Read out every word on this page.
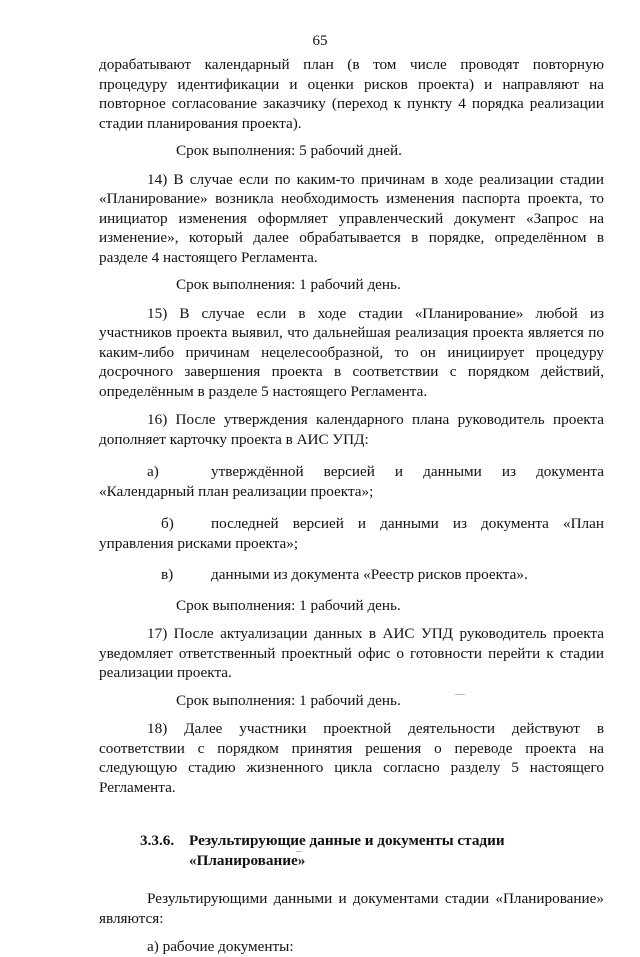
65

дорабатывают календарный план (в том числе проводят повторную

процедуру идентификации и оценки рисков проекта) и направляют на

повторное согласование заказчику (переход к пункту 4 порядка реализации стадии планирования проекта).

Срок выполнения: 5 рабочий дней.

14) В случае если по каким-то причинам в ходе реализации стадии «Планирование» возникла необходимость изменения паспорта проекта, то инициатор изменения оформляет управленческий документ «Запрос на изменение», который далее обрабатывается в порядке, определённом в разделе 4 настоящего Регламента.

Срок выполнения: 1 рабочий день.

15) В случае если в ходе стадии «Планирование» любой из участников проекта выявил, что дальнейшая реализация проекта является по каким-либо причинам нецелесообразной, то он инициирует процедуру досрочного завершения проекта в соответствии с порядком действий, определённым в разделе 5 настоящего Регламента.

16) После утверждения календарного плана руководитель проекта дополняет карточку проекта в АИС УПД:

а)	утверждённой версией и данными из документа

«Календарный план реализации проекта»;

б)	последней версией и данными из документа «План

управления рисками проекта»;

в)	данными из документа «Реестр рисков проекта».

Срок выполнения: 1 рабочий день.

17) После актуализации данных в АИС УПД руководитель проекта уведомляет ответственный проектный офис о готовности перейти к стадии реализации проекта.

Срок выполнения: 1 рабочий день.

18) Далее участники проектной деятельности действуют в соответствии с порядком принятия решения о переводе проекта на следующую стадию жизненного цикла согласно разделу 5 настоящего Регламента.

3.3.6. Результирующие данные и документы стадии
«Планирование»

Результирующими данными и документами стадии «Планирование» являются:

а) рабочие документы:
